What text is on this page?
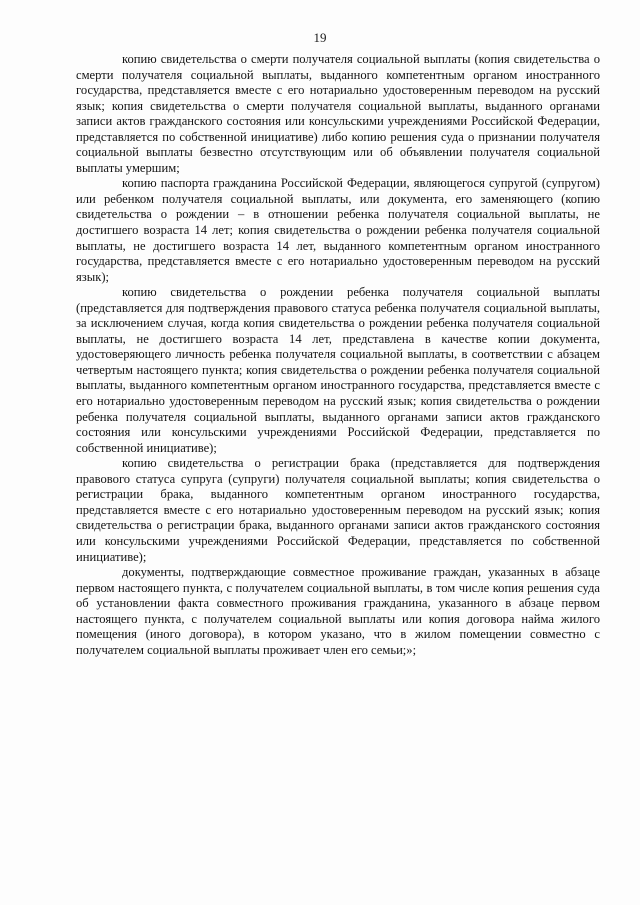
19

копию свидетельства о смерти получателя социальной выплаты (копия свидетельства о смерти получателя социальной выплаты, выданного компетентным органом иностранного государства, представляется вместе с его нотариально удостоверенным переводом на русский язык; копия свидетельства о смерти получателя социальной выплаты, выданного органами записи актов гражданского состояния или консульскими учреждениями Российской Федерации, представляется по собственной инициативе) либо копию решения суда о признании получателя социальной выплаты безвестно отсутствующим или об объявлении получателя социальной выплаты умершим;

копию паспорта гражданина Российской Федерации, являющегося супругой (супругом) или ребенком получателя социальной выплаты, или документа, его заменяющего (копию свидетельства о рождении – в отношении ребенка получателя социальной выплаты, не достигшего возраста 14 лет; копия свидетельства о рождении ребенка получателя социальной выплаты, не достигшего возраста 14 лет, выданного компетентным органом иностранного государства, представляется вместе с его нотариально удостоверенным переводом на русский язык);

копию свидетельства о рождении ребенка получателя социальной выплаты (представляется для подтверждения правового статуса ребенка получателя социальной выплаты, за исключением случая, когда копия свидетельства о рождении ребенка получателя социальной выплаты, не достигшего возраста 14 лет, представлена в качестве копии документа, удостоверяющего личность ребенка получателя социальной выплаты, в соответствии с абзацем четвертым настоящего пункта; копия свидетельства о рождении ребенка получателя социальной выплаты, выданного компетентным органом иностранного государства, представляется вместе с его нотариально удостоверенным переводом на русский язык; копия свидетельства о рождении ребенка получателя социальной выплаты, выданного органами записи актов гражданского состояния или консульскими учреждениями Российской Федерации, представляется по собственной инициативе);

копию свидетельства о регистрации брака (представляется для подтверждения правового статуса супруга (супруги) получателя социальной выплаты; копия свидетельства о регистрации брака, выданного компетентным органом иностранного государства, представляется вместе с его нотариально удостоверенным переводом на русский язык; копия свидетельства о регистрации брака, выданного органами записи актов гражданского состояния или консульскими учреждениями Российской Федерации, представляется по собственной инициативе);

документы, подтверждающие совместное проживание граждан, указанных в абзаце первом настоящего пункта, с получателем социальной выплаты, в том числе копия решения суда об установлении факта совместного проживания гражданина, указанного в абзаце первом настоящего пункта, с получателем социальной выплаты или копия договора найма жилого помещения (иного договора), в котором указано, что в жилом помещении совместно с получателем социальной выплаты проживает член его семьи;»;
